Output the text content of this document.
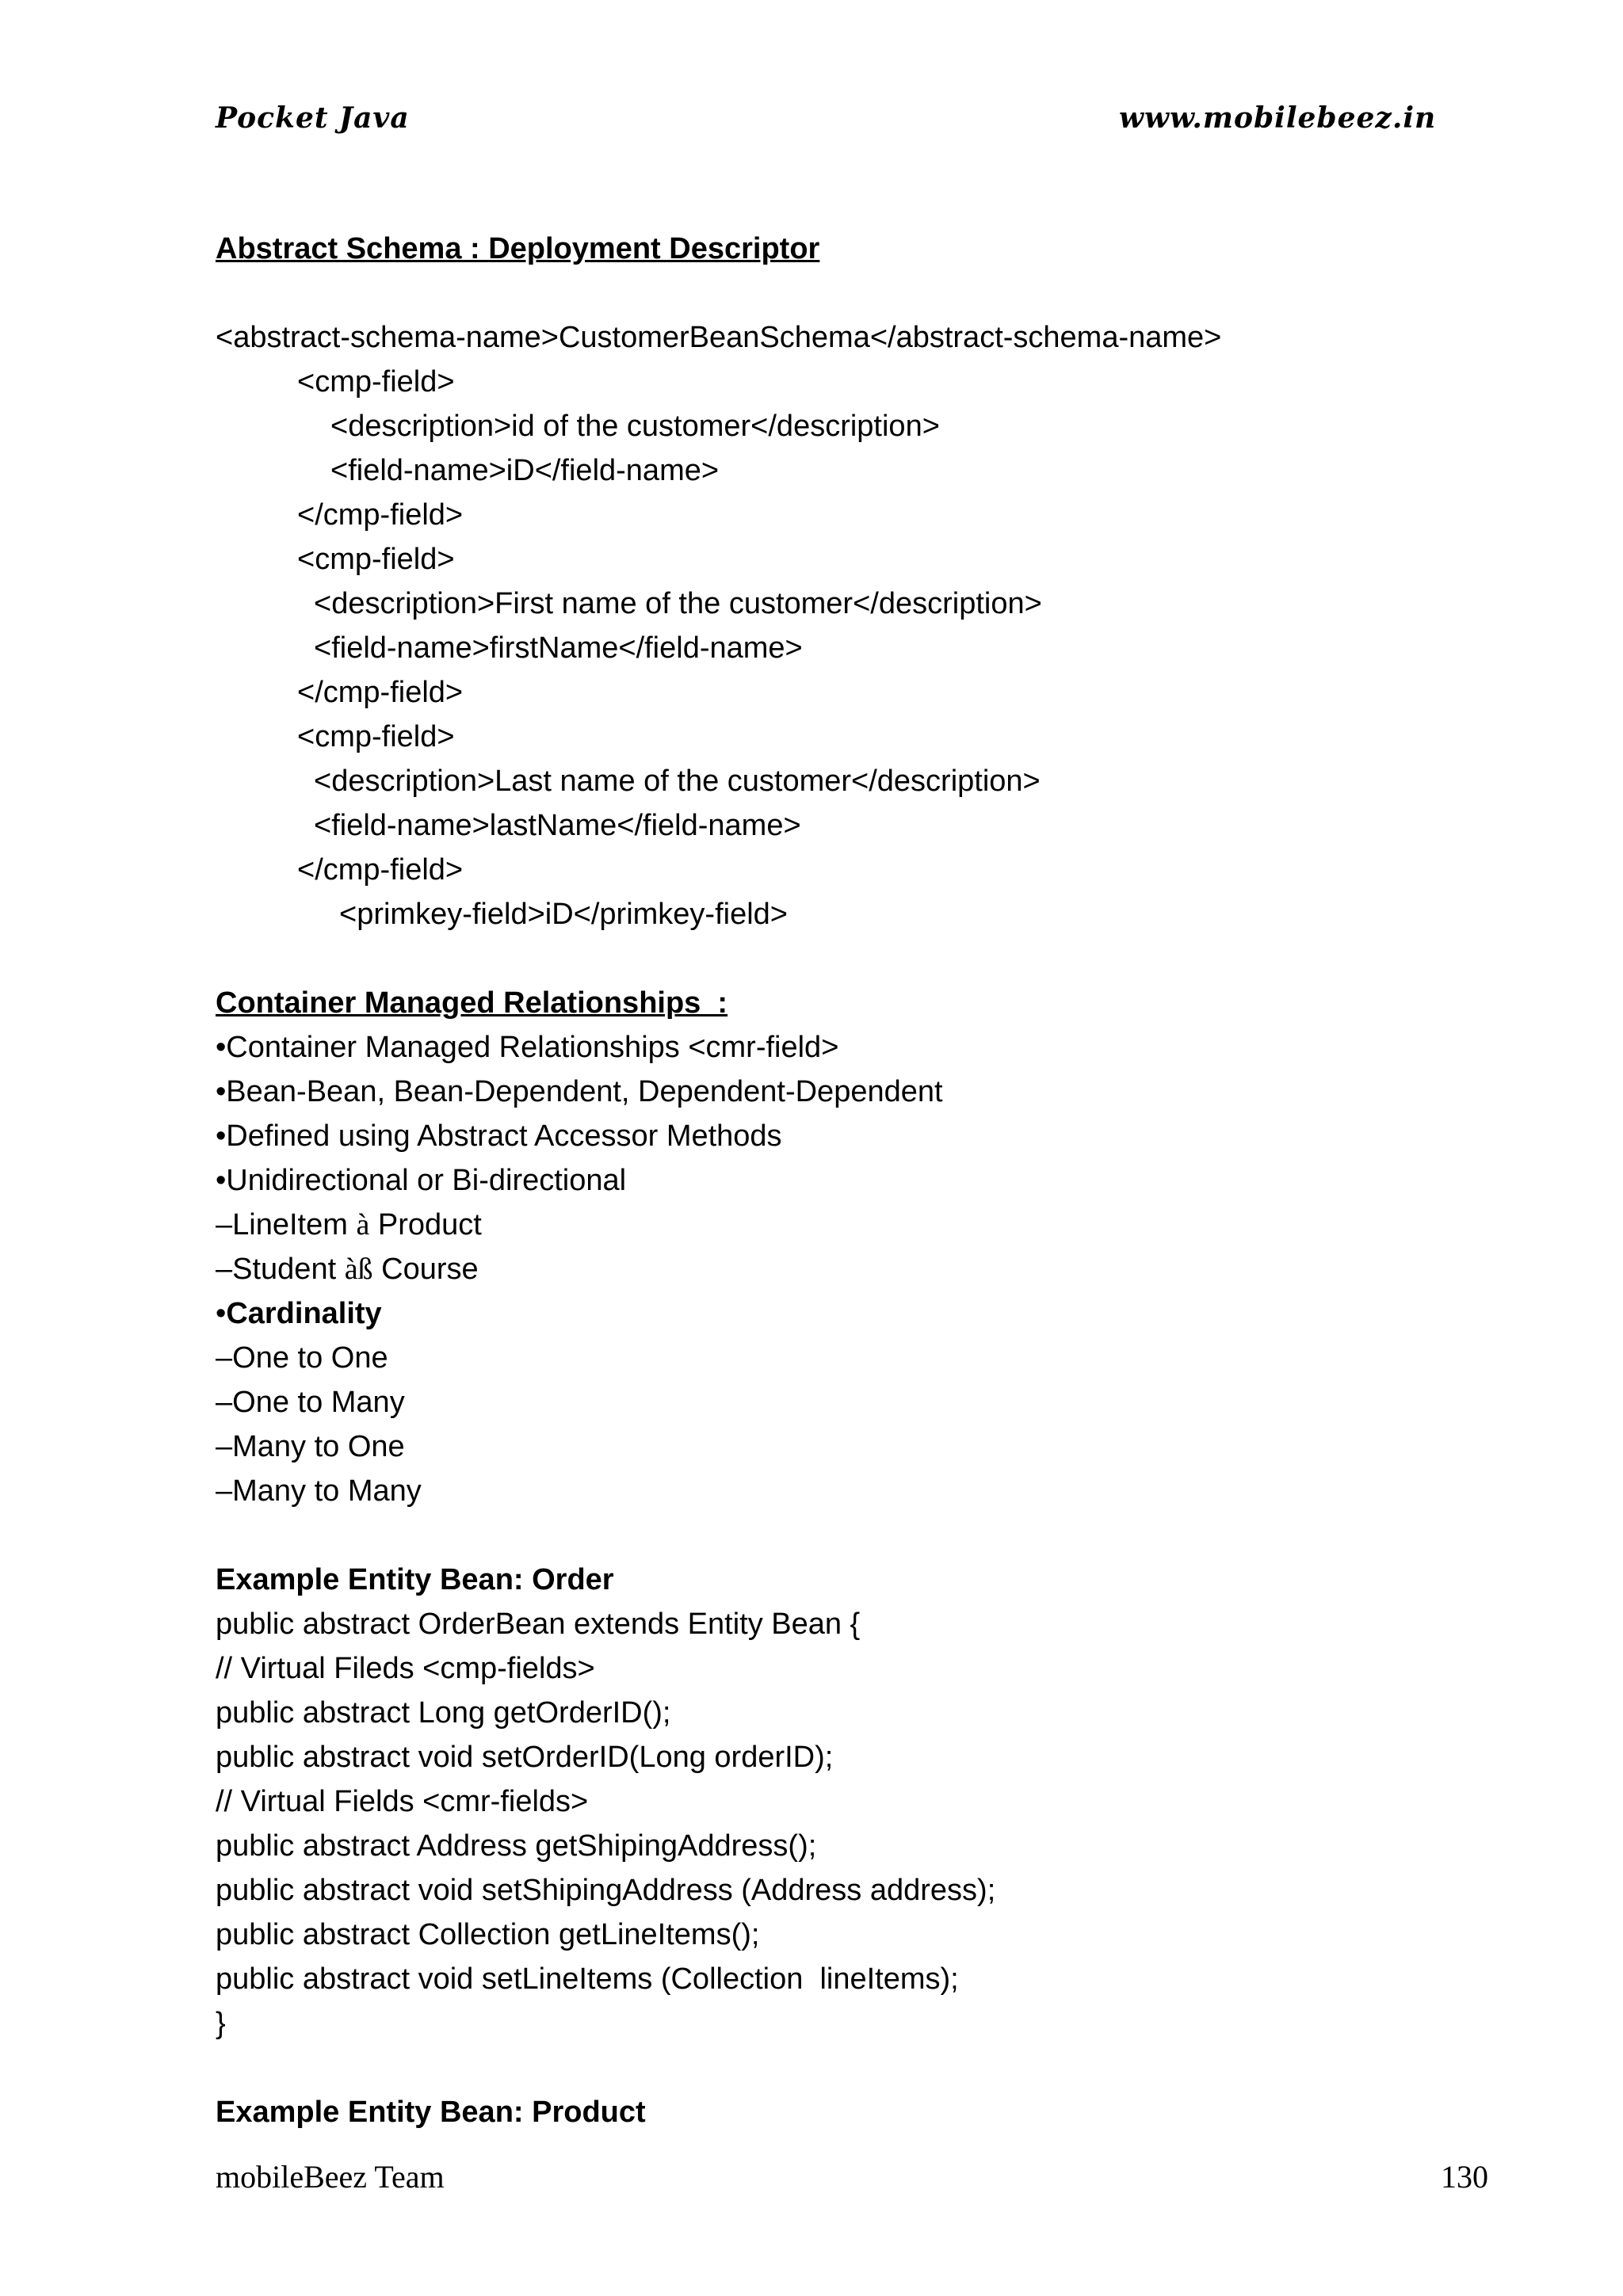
Pocket Java	www.mobilebeez.in
Abstract Schema : Deployment Descriptor
<abstract-schema-name>CustomerBeanSchema</abstract-schema-name>
<cmp-field>
<description>id of the customer</description>
<field-name>iD</field-name>
</cmp-field>
<cmp-field>
<description>First name of the customer</description>
<field-name>firstName</field-name>
</cmp-field>
<cmp-field>
<description>Last name of the customer</description>
<field-name>lastName</field-name>
</cmp-field>
<primkey-field>iD</primkey-field>
Container Managed Relationships  :
•Container Managed Relationships <cmr-field>
•Bean-Bean, Bean-Dependent, Dependent-Dependent
•Defined using Abstract Accessor Methods
•Unidirectional or Bi-directional
–LineItem à Product
–Student àß Course
•Cardinality
–One to One
–One to Many
–Many to One
–Many to Many
Example Entity Bean: Order
public abstract OrderBean extends Entity Bean {
// Virtual Fileds <cmp-fields>
public abstract Long getOrderID();
public abstract void setOrderID(Long orderID);
// Virtual Fields <cmr-fields>
public abstract Address getShipingAddress();
public abstract void setShipingAddress (Address address);
public abstract Collection getLineItems();
public abstract void setLineItems (Collection  lineItems);
}
Example Entity Bean: Product
mobileBeez Team	130
